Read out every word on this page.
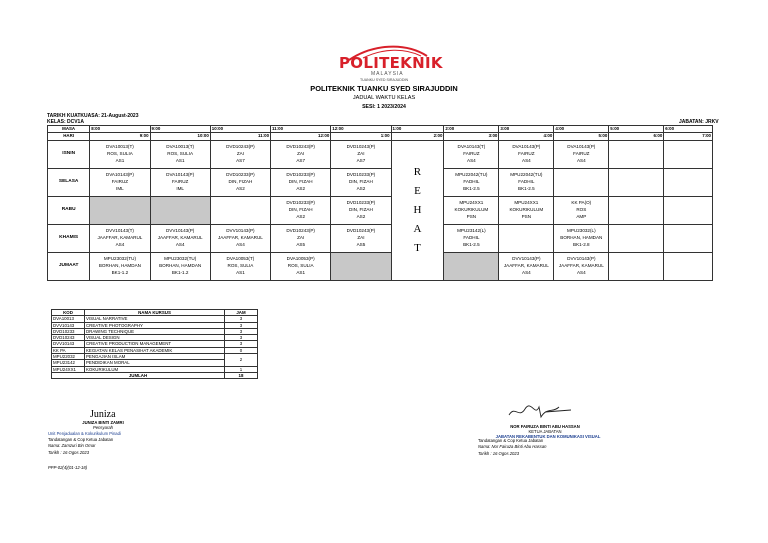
POLITEKNIK
MALAYSIA
TUANKU SYED SIRAJUDDIN
POLITEKNIK TUANKU SYED SIRAJUDDIN
JADUAL WAKTU KELAS
SESI: 1 2023/2024
TARIKH KUATKUASA: 21-August-2023
KELAS: DCV1A	JABATAN: JRKV
MASA	8:00	9:00	10:00	11:00	12:00	1:00	2:00	3:00	4:00	5:00	6:00
HARI	9:00	10:00	11:00	12:00	1:00	2:00	3:00	4:00	5:00	6:00	7:00
ISNIN	DVA10013(T)
ROS, SULIA
AS1	DVA10013(T)
ROS, SULIA
AS1	DVD10243(P)
ZAI
AS7	DVD10243(P)
ZAI
AS7	DVD10243(P)
ZAI
AS7	R
E
H
A
T	DVA10143(T)
FAIRUZ
AS4	DVA10143(P)
FAIRUZ
AS4	DVA10143(P)
FAIRUZ
AS4		

SELASA	DVA10143(P)
FAIRUZ
IML	DVA10143(P)
FAIRUZ
IML	DVD10233(P)
DIN, FIZAH
AS2	DVD10233(P)
DIN, FIZAH
AS2	DVD10233(P)
DIN, FIZAH
AS2		MPU22042(TU)
FADHIL
BK1-2.5	MPU22042(TU)
FADHIL
BK1-2.5			

RABU				DVD10233(P)
DIN, FIZAH
AS2	DVD10233(P)
DIN, FIZAH
AS2		MPU24XX1
KOKURIKULUM
PSN	MPU24XX1
KOKURIKULUM
PSN	KK PA(O)
ROS
AMP		

KHAMIS	DVV10143(T)
JAAFFAR, KAMARUL
AS4	DVV10143(P)
JAAFFAR, KAMARUL
AS4	DVV10143(P)
JAAFFAR, KAMARUL
AS4	DVD10243(P)
ZAI
AS5	DVD10243(P)
ZAI
AS5		MPU23142(L)
FADHIL
BK1-2.5		MPU23032(L)
BORHAN, HAMDAN
BK1-2.8		

JUMAAT	MPU23032(TU)
BORHAN, HAMDAN
BK1-1.2	MPU23032(TU)
BORHAN, HAMDAN
BK1-1.2	DVA10053(T)
ROS, SULIA
AS1	DVA10053(P)
ROS, SULIA
AS1				DVV10143(P)
JAAFFAR, KAMARUL
AS4	DVV10143(P)
JAAFFAR, KAMARUL
AS4		

KOD	NAMA KURSUS	JAM
DVA10013	VISUAL NARRATIVE	3
DVV10143	CREATIVE PHOTOGRAPHY	3
DVD10233	DRAWING TECHNIQUE	3
DVD10243	VISUAL DESIGN	3
DVV10143	CREATIVE PRODUCTION MANAGEMENT	3
KK PA	KEGIATAN KELAS PENASIHAT AKADEMIK	0
MPU22032	PENGAJIAN ISLAM	2
MPU23142	PENDIDIKAN MORAL	
MPU24XX1	KOKURIKULUM	1
JUMLAH		18
Juniza
JUNIZA BINTI ZAMRI
Pensyarah
Unit Penjadualan & Kokurikulum Pinadi
Tandatangan & Cop Ketua Jabatan
Nama: Zamzuri Bin Omar
Tarikh : 16 Ogos 2023
PPP-02(4)(01-12-18)
NOR FAIRUZA BINTI ABU HASSAN
KETUA JABATAN
JABATAN REKABENTUK DAN KOMUNIKASI VISUAL
Tandatangan & Cop Ketua Jabatan
Nama: Nor Fairuza Binti Abu Hassan
Tarikh : 16 Ogos 2023
